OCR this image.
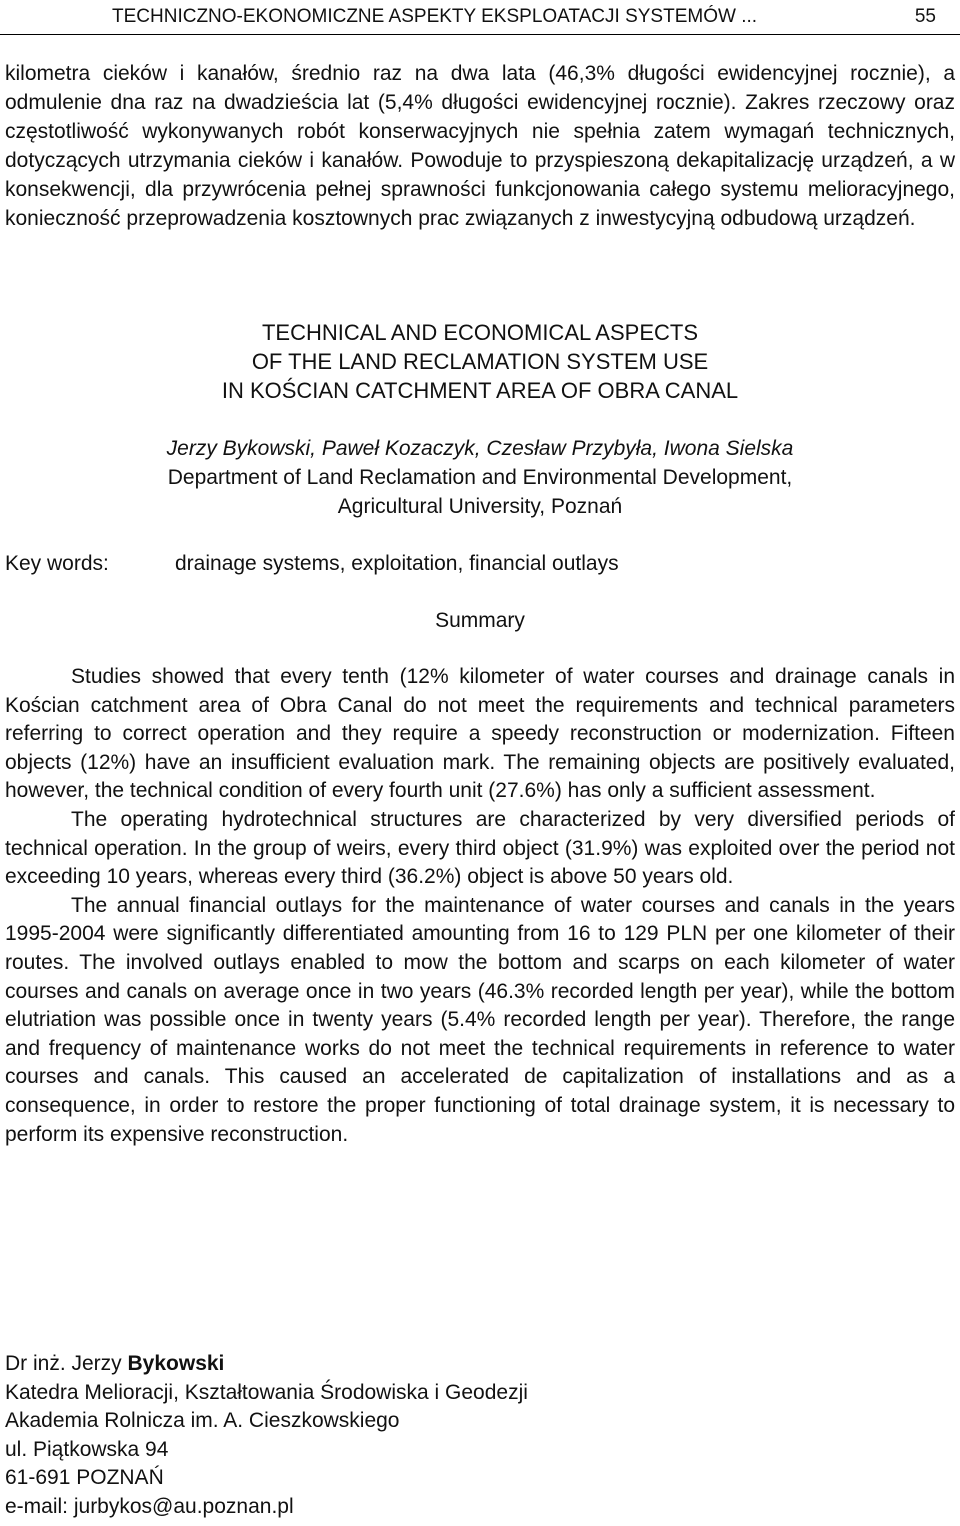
TECHNICZNO-EKONOMICZNE ASPEKTY EKSPLOATACJI SYSTEMÓW ...	55

kilometra cieków i kanałów, średnio raz na dwa lata (46,3% długości ewidencyjnej rocznie), a odmulenie dna raz na dwadzieścia lat (5,4% długości ewidencyjnej rocznie). Zakres rzeczowy oraz częstotliwość wykonywanych robót konserwacyjnych nie spełnia zatem wymagań technicznych, dotyczących utrzymania cieków i kanałów. Powoduje to przyspieszoną dekapitalizację urządzeń, a w konsekwencji, dla przywrócenia pełnej sprawności funkcjonowania całego systemu melioracyjnego, konieczność przeprowadzenia kosztownych prac związanych z inwestycyjną odbudową urządzeń.

TECHNICAL AND ECONOMICAL ASPECTS
OF THE LAND RECLAMATION SYSTEM USE
IN KOŚCIAN CATCHMENT AREA OF OBRA CANAL
Jerzy Bykowski, Paweł Kozaczyk, Czesław Przybyła, Iwona Sielska
Department of Land Reclamation and Environmental Development,
Agricultural University, Poznań
Key words:	drainage systems, exploitation, financial outlays
Summary

Studies showed that every tenth (12% kilometer of water courses and drainage canals in Kościan catchment area of Obra Canal do not meet the requirements and technical parameters referring to correct operation and they require a speedy reconstruction or modernization. Fifteen objects (12%) have an insufficient evaluation mark. The remaining objects are positively evaluated, however, the technical condition of every fourth unit (27.6%) has only a sufficient assessment.

The operating hydrotechnical structures are characterized by very diversified periods of technical operation. In the group of weirs, every third object (31.9%) was exploited over the period not exceeding 10 years, whereas every third (36.2%) object is above 50 years old.

The annual financial outlays for the maintenance of water courses and canals in the years 1995-2004 were significantly differentiated amounting from 16 to 129 PLN per one kilometer of their routes. The involved outlays enabled to mow the bottom and scarps on each kilometer of water courses and canals on average once in two years (46.3% recorded length per year), while the bottom elutriation was possible once in twenty years (5.4% recorded length per year). Therefore, the range and frequency of maintenance works do not meet the technical requirements in reference to water courses and canals. This caused an accelerated de capitalization of installations and as a consequence, in order to restore the proper functioning of total drainage system, it is necessary to perform its expensive reconstruction.

Dr inż. Jerzy Bykowski
Katedra Melioracji, Kształtowania Środowiska i Geodezji
Akademia Rolnicza im. A. Cieszkowskiego
ul. Piątkowska 94
61-691 POZNAŃ
e-mail: jurbykos@au.poznan.pl
